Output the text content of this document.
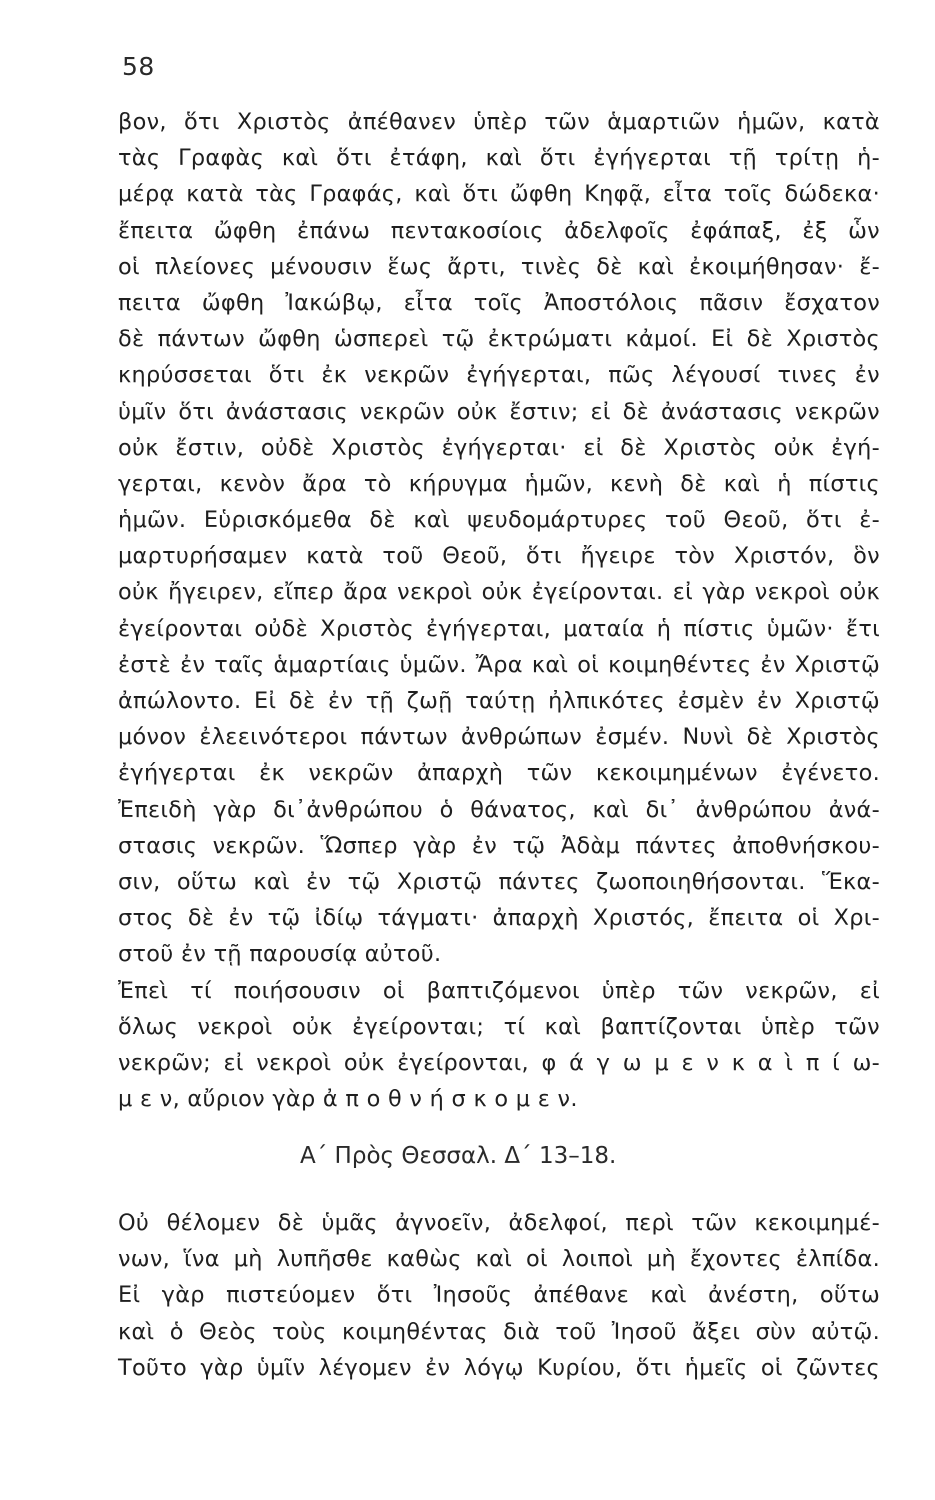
58
βον, ὅτι Χριστὸς ἀπέθανεν ὑπὲρ τῶν ἁμαρτιῶν ἡμῶν, κατὰ
τὰς Γραφὰς καὶ ὅτι ἐτάφη, καὶ ὅτι ἐγήγερται τῇ τρίτῃ ἡ-
μέρᾳ κατὰ τὰς Γραφάς, καὶ ὅτι ὤφθη Κηφᾷ, εἶτα τοῖς δώδεκα·
ἔπειτα ὤφθη ἐπάνω πεντακοσίοις ἀδελφοῖς ἐφάπαξ, ἐξ ὧν
οἱ πλείονες μένουσιν ἕως ἄρτι, τινὲς δὲ καὶ ἐκοιμήθησαν· ἔ-
πειτα ὤφθη Ἰακώβῳ, εἶτα τοῖς Ἀποστόλοις πᾶσιν ἔσχατον
δὲ πάντων ὤφθη ὡσπερεὶ τῷ ἐκτρώματι κἀμοί. Εἰ δὲ Χριστὸς
κηρύσσεται ὅτι ἐκ νεκρῶν ἐγήγερται, πῶς λέγουσί τινες ἐν
ὑμῖν ὅτι ἀνάστασις νεκρῶν οὐκ ἔστιν; εἰ δὲ ἀνάστασις νεκρῶν
οὐκ ἔστιν, οὐδὲ Χριστὸς ἐγήγερται· εἰ δὲ Χριστὸς οὐκ ἐγή-
γερται, κενὸν ἄρα τὸ κήρυγμα ἡμῶν, κενὴ δὲ καὶ ἡ πίστις
ἡμῶν. Εὑρισκόμεθα δὲ καὶ ψευδομάρτυρες τοῦ Θεοῦ, ὅτι ἐ-
μαρτυρήσαμεν κατὰ τοῦ Θεοῦ, ὅτι ἤγειρε τὸν Χριστόν, ὃν
οὐκ ἤγειρεν, εἴπερ ἄρα νεκροὶ οὐκ ἐγείρονται. εἰ γὰρ νεκροὶ οὐκ
ἐγείρονται οὐδὲ Χριστὸς ἐγήγερται, ματαία ἡ πίστις ὑμῶν· ἔτι
ἐστὲ ἐν ταῖς ἁμαρτίαις ὑμῶν. Ἄρα καὶ οἱ κοιμηθέντες ἐν Χριστῷ
ἀπώλοντο. Εἰ δὲ ἐν τῇ ζωῇ ταύτῃ ἠλπικότες ἐσμὲν ἐν Χριστῷ
μόνον ἐλεεινότεροι πάντων ἀνθρώπων ἐσμέν. Νυνὶ δὲ Χριστὸς
ἐγήγερται ἐκ νεκρῶν ἀπαρχὴ τῶν κεκοιμημένων ἐγένετο.
Ἐπειδὴ γὰρ δι᾽ἀνθρώπου ὁ θάνατος, καὶ δι᾽ ἀνθρώπου ἀνά-
στασις νεκρῶν. Ὥσπερ γὰρ ἐν τῷ Ἀδὰμ πάντες ἀποθνήσκου-
σιν, οὕτω καὶ ἐν τῷ Χριστῷ πάντες ζωοποιηθήσονται. Ἕκα-
στος δὲ ἐν τῷ ἰδίῳ τάγματι· ἀπαρχὴ Χριστός, ἔπειτα οἱ Χρι-
στοῦ ἐν τῇ παρουσίᾳ αὐτοῦ.
Ἐπεὶ τί ποιήσουσιν οἱ βαπτιζόμενοι ὑπὲρ τῶν νεκρῶν, εἰ
ὅλως νεκροὶ οὐκ ἐγείρονται; τί καὶ βαπτίζονται ὑπὲρ τῶν
νεκρῶν; εἰ νεκροὶ οὐκ ἐγείρονται, φ ά γ ω μ ε ν κ α ὶ π ί ω-
μ ε ν, αὔριον γὰρ ἀ π ο θ ν ή σ κ ο μ ε ν.
Α΄ Πρὸς Θεσσαλ. Δ΄ 13–18.
Οὐ θέλομεν δὲ ὑμᾶς ἀγνοεῖν, ἀδελφοί, περὶ τῶν κεκοιμημέ-
νων, ἵνα μὴ λυπῆσθε καθὼς καὶ οἱ λοιποὶ μὴ ἔχοντες ἐλπίδα.
Εἰ γὰρ πιστεύομεν ὅτι Ἰησοῦς ἀπέθανε καὶ ἀνέστη, οὕτω
καὶ ὁ Θεὸς τοὺς κοιμηθέντας διὰ τοῦ Ἰησοῦ ἄξει σὺν αὐτῷ.
Τοῦτο γὰρ ὑμῖν λέγομεν ἐν λόγῳ Κυρίου, ὅτι ἡμεῖς οἱ ζῶντες
